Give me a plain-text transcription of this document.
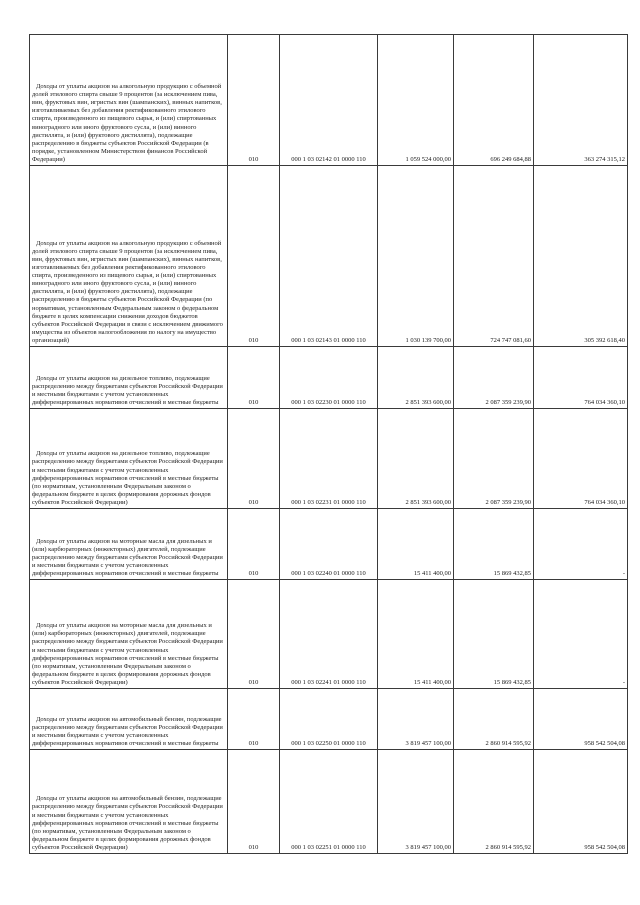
Доходы от уплаты акцизов на алкогольную продукцию с объемной долей этилового спирта свыше 9 процентов (за исключением пива, вин, фруктовых вин, игристых вин (шампанских), винных напитков, изготавливаемых без добавления ректификованного этилового спирта, произведенного из пищевого сырья, и (или) спиртованных виноградного или иного фруктового сусла, и (или) винного дистиллята, и (или) фруктового дистиллята), подлежащие распределению в бюджеты субъектов Российской Федерации (в порядке, установленном Министерством финансов Российской Федерации)	010	000 1 03 02142 01 0000 110	1 059 524 000,00	696 249 684,88	363 274 315,12

Доходы от уплаты акцизов на алкогольную продукцию с объемной долей этилового спирта свыше 9 процентов (за исключением пива, вин, фруктовых вин, игристых вин (шампанских), винных напитков, изготавливаемых без добавления ректификованного этилового спирта, произведенного из пищевого сырья, и (или) спиртованных виноградного или иного фруктового сусла, и (или) винного дистиллята, и (или) фруктового дистиллята), подлежащие распределению в бюджеты субъектов Российской Федерации (по нормативам, установленным Федеральным законом о федеральном бюджете в целях компенсации снижения доходов бюджетов субъектов Российской Федерации в связи с исключением движимого имущества из объектов налогообложения по налогу на имущество организаций)	010	000 1 03 02143 01 0000 110	1 030 139 700,00	724 747 081,60	305 392 618,40

Доходы от уплаты акцизов на дизельное топливо, подлежащие распределению между бюджетами субъектов Российской Федерации и местными бюджетами с учетом установленных дифференцированных нормативов отчислений в местные бюджеты	010	000 1 03 02230 01 0000 110	2 851 393 600,00	2 087 359 239,90	764 034 360,10

Доходы от уплаты акцизов на дизельное топливо, подлежащие распределению между бюджетами субъектов Российской Федерации и местными бюджетами с учетом установленных дифференцированных нормативов отчислений в местные бюджеты (по нормативам, установленным Федеральным законом о федеральном бюджете в целях формирования дорожных фондов субъектов Российской Федерации)	010	000 1 03 02231 01 0000 110	2 851 393 600,00	2 087 359 239,90	764 034 360,10

Доходы от уплаты акцизов на моторные масла для дизельных и (или) карбюраторных (инжекторных) двигателей, подлежащие распределению между бюджетами субъектов Российской Федерации и местными бюджетами с учетом установленных дифференцированных нормативов отчислений в местные бюджеты	010	000 1 03 02240 01 0000 110	15 411 400,00	15 869 432,85	-

Доходы от уплаты акцизов на моторные масла для дизельных и (или) карбюраторных (инжекторных) двигателей, подлежащие распределению между бюджетами субъектов Российской Федерации и местными бюджетами с учетом установленных дифференцированных нормативов отчислений в местные бюджеты (по нормативам, установленным Федеральным законом о федеральном бюджете в целях формирования дорожных фондов субъектов Российской Федерации)	010	000 1 03 02241 01 0000 110	15 411 400,00	15 869 432,85	-

Доходы от уплаты акцизов на автомобильный бензин, подлежащие распределению между бюджетами субъектов Российской Федерации и местными бюджетами с учетом установленных дифференцированных нормативов отчислений в местные бюджеты	010	000 1 03 02250 01 0000 110	3 819 457 100,00	2 860 914 595,92	958 542 504,08

Доходы от уплаты акцизов на автомобильный бензин, подлежащие распределению между бюджетами субъектов Российской Федерации и местными бюджетами с учетом установленных дифференцированных нормативов отчислений в местные бюджеты (по нормативам, установленным Федеральным законом о федеральном бюджете в целях формирования дорожных фондов субъектов Российской Федерации)	010	000 1 03 02251 01 0000 110	3 819 457 100,00	2 860 914 595,92	958 542 504,08
